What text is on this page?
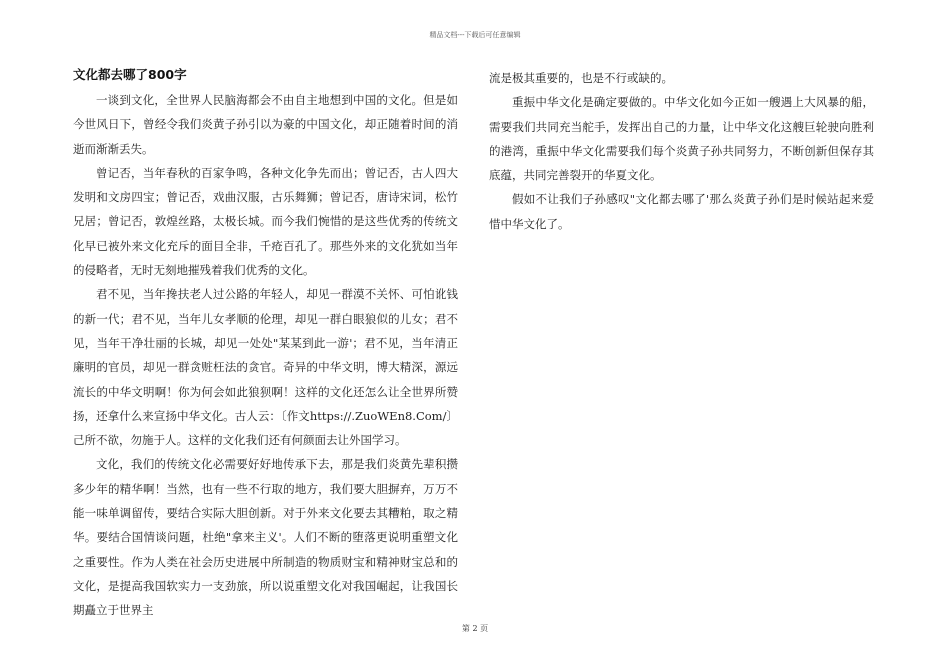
精品文档---下载后可任意编辑
文化都去哪了800字

一谈到文化，全世界人民脑海都会不由自主地想到中国的文化。但是如今世风日下，曾经令我们炎黄子孙引以为豪的中国文化，却正随着时间的消逝而渐渐丢失。

曾记否，当年春秋的百家争鸣，各种文化争先而出；曾记否，古人四大发明和文房四宝；曾记否，戏曲汉服，古乐舞狮；曾记否，唐诗宋词，松竹兄居；曾记否，敦煌丝路，太极长城。而今我们惋惜的是这些优秀的传统文化早已被外来文化充斥的面目全非，千疮百孔了。那些外来的文化犹如当年的侵略者，无时无刻地摧残着我们优秀的文化。

君不见，当年搀扶老人过公路的年轻人，却见一群漠不关怀、可怕讹钱的新一代；君不见，当年儿女孝顺的伦理，却见一群白眼狼似的儿女；君不见，当年干净壮丽的长城，却见一处处"某某到此一游'；君不见，当年清正廉明的官员，却见一群贪赃枉法的贪官。奇异的中华文明，博大精深，源远流长的中华文明啊！你为何会如此狼狈啊！这样的文化还怎么让全世界所赞扬，还拿什么来宣扬中华文化。古人云：〔作文https://.ZuoWEn8.Com/〕己所不欲，勿施于人。这样的文化我们还有何颜面去让外国学习。

文化，我们的传统文化必需要好好地传承下去，那是我们炎黄先辈积攒多少年的精华啊！当然，也有一些不行取的地方，我们要大胆摒弃，万万不能一味单调留传，要结合实际大胆创新。对于外来文化要去其糟粕，取之精华。要结合国情谈问题，杜绝"拿来主义'。人们不断的堕落更说明重塑文化之重要性。作为人类在社会历史进展中所制造的物质财宝和精神财宝总和的文化，是提高我国软实力一支劲旅，所以说重塑文化对我国崛起，让我国长期矗立于世界主

流是极其重要的，也是不行或缺的。

重振中华文化是确定要做的。中华文化如今正如一艘遇上大风暴的船，需要我们共同充当舵手，发挥出自己的力量，让中华文化这艘巨轮驶向胜利的港湾，重振中华文化需要我们每个炎黄子孙共同努力，不断创新但保存其底蕴，共同完善裂开的华夏文化。

假如不让我们子孙感叹"文化都去哪了'那么炎黄子孙们是时候站起来爱惜中华文化了。

第 2 页
